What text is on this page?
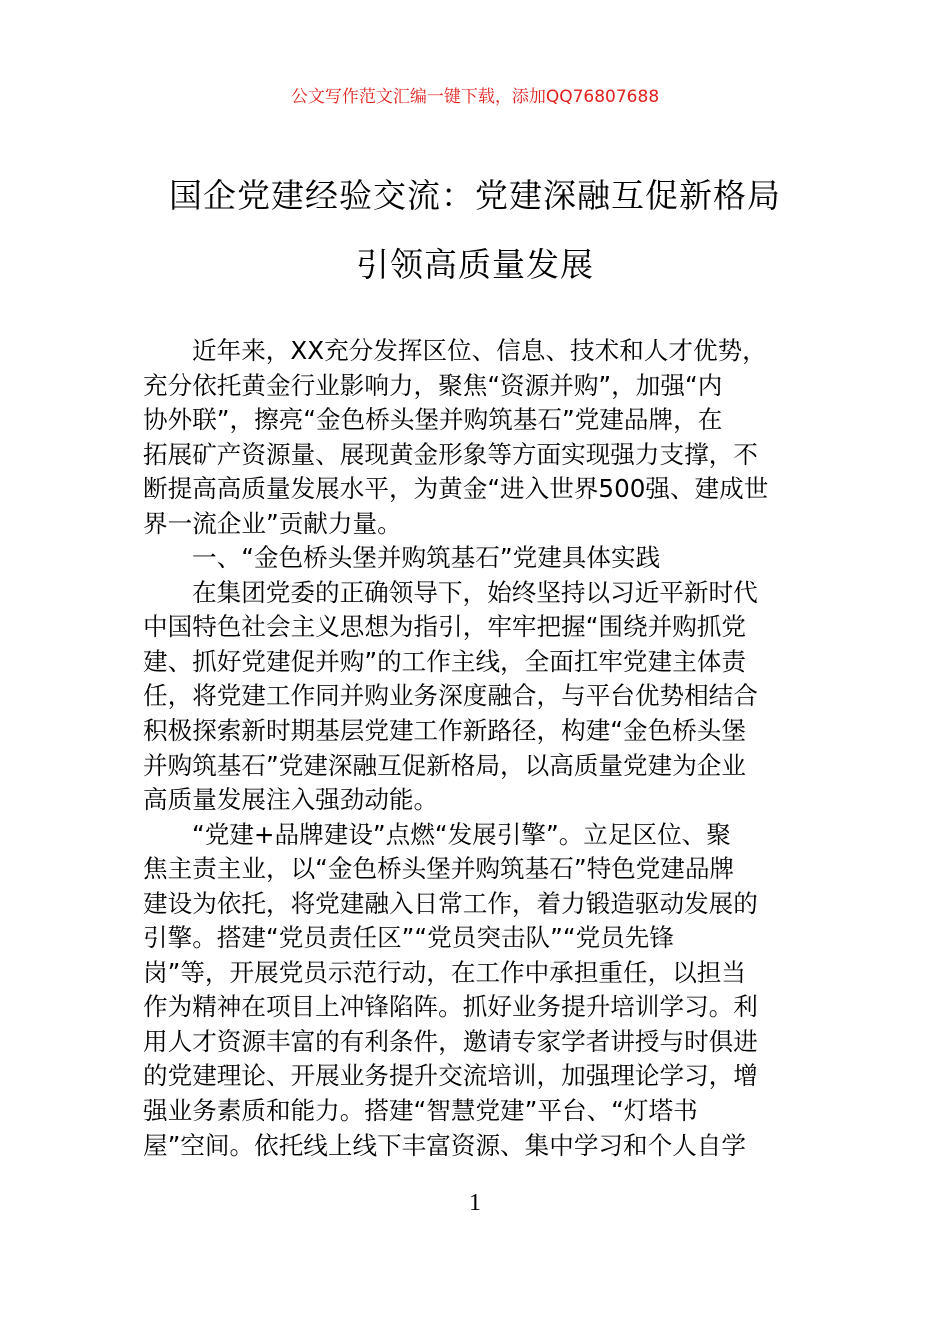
公文写作范文汇编一键下载，添加QQ76807688
国企党建经验交流：党建深融互促新格局
引领高质量发展
近年来，XX充分发挥区位、信息、技术和人才优势，
充分依托黄金行业影响力，聚焦“资源并购”，加强“内
协外联”，擦亮“金色桥头堡并购筑基石”党建品牌，在
拓展矿产资源量、展现黄金形象等方面实现强力支撑，不
断提高高质量发展水平，为黄金“进入世界500强、建成世
界一流企业”贡献力量。
一、“金色桥头堡并购筑基石”党建具体实践
在集团党委的正确领导下，始终坚持以习近平新时代
中国特色社会主义思想为指引，牢牢把握“围绕并购抓党
建、抓好党建促并购”的工作主线，全面扛牢党建主体责
任，将党建工作同并购业务深度融合，与平台优势相结合
积极探索新时期基层党建工作新路径，构建“金色桥头堡
并购筑基石”党建深融互促新格局，以高质量党建为企业
高质量发展注入强劲动能。
“党建+品牌建设”点燃“发展引擎”。立足区位、聚
焦主责主业，以“金色桥头堡并购筑基石”特色党建品牌
建设为依托，将党建融入日常工作，着力锻造驱动发展的
引擎。搭建“党员责任区”“党员突击队”“党员先锋
岗”等，开展党员示范行动，在工作中承担重任，以担当
作为精神在项目上冲锋陷阵。抓好业务提升培训学习。利
用人才资源丰富的有利条件，邀请专家学者讲授与时俱进
的党建理论、开展业务提升交流培训，加强理论学习，增
强业务素质和能力。搭建“智慧党建”平台、“灯塔书
屋”空间。依托线上线下丰富资源、集中学习和个人自学
1
